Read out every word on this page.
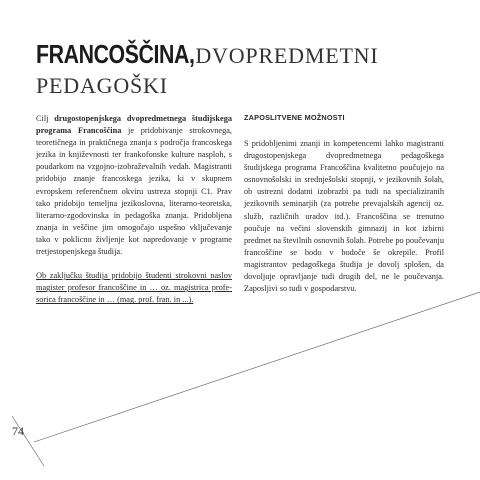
FRANCOŠČINA, DVOPREDMETNI
PEDAGOŠKI

Cilj drugostopenjskega dvopredmetnega študijskega programa Francoščina je pridobivanje strokovnega, teoretičnega in praktičnega znanja s področja francoskega jezika in književnosti ter frankofonske kulture nasploh, s poudarkom na vzgojno-izobraževalnih vedah. Magistranti pridobijo znanje francoskega jezika, ki v skupnem evropskem referenčnem okviru ustreza stopnji C1. Prav tako pridobijo temeljna jezikoslovna, literarno-teoretska, literarno-zgodovinska in pedagoška znanja. Pridobljena znanja in veščine jim omogočajo uspešno vključevanje tako v poklicno življenje kot napredovanje v programe tretjestopenjskega študija.

Ob zaključku študija pridobijo študenti strokovni naslov magister profesor francoščine in … oz. magistrica profesorica francoščine in … (mag. prof. fran. in ...).

ZAPOSLITVENE MOŽNOSTI

S pridobljenimi znanji in kompetencemi lahko magistranti drugostopenjskega dvopredmetnega pedagoškega študijskega programa Francoščina kvalitetno poučujejo na osnovnošolski in srednješolski stopnji, v jezikovnih šolah, ob ustrezni dodatni izobrazbi pa tudi na specializiranih jezikovnih seminarjih (za potrebe prevajalskih agencij oz. služb, različnih uradov itd.). Francoščina se trenutno poučuje na večini slovenskih gimnazij in kot izbirni predmet na številnih osnovnih šolah. Potrebe po poučevanju francoščine se bodo v bodoče še okrepile. Profil magistrantov pedagoškega študija je dovolj splošen, da dovoljuje opravljanje tudi drugih del, ne le poučevanja. Zaposljivi so tudi v gospodarstvu.

74
